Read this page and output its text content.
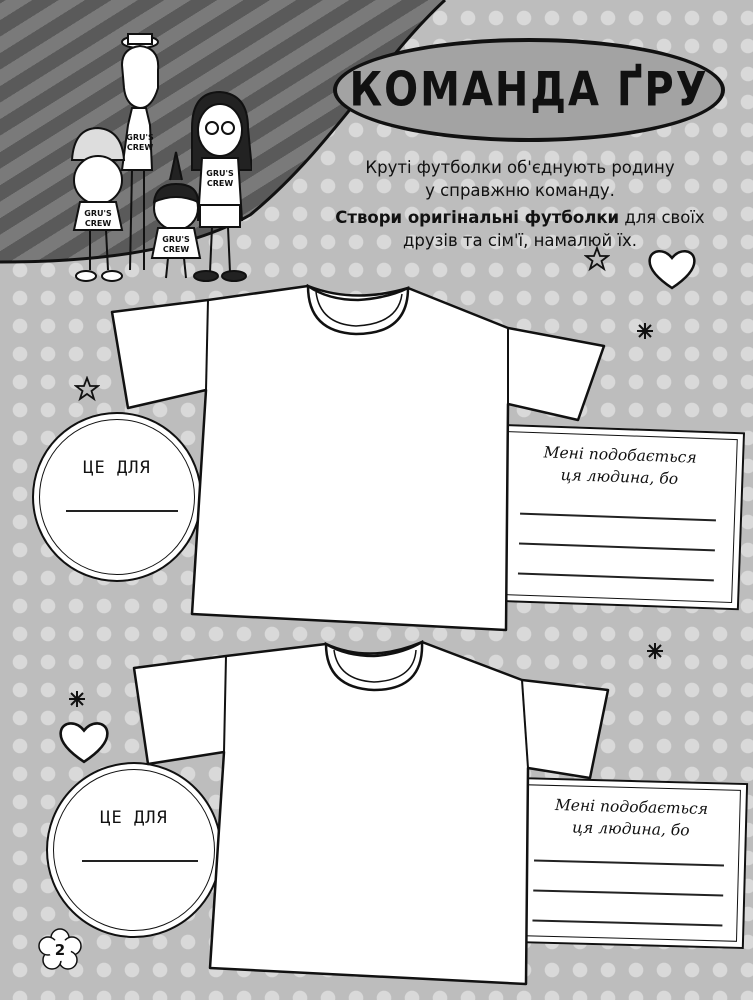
GRU'S
CREW
GRU'S
CREW
GRU'S
CREW
GRU'S
CREW
КОМАНДА ҐРУ
Круті футболки об'єднують родину
у справжню команду.
Створи оригінальні футболки для своїх
друзів та сім'ї, намалюй їх.
ЦЕ ДЛЯ
Мені подобається
ця людина, бо
ЦЕ ДЛЯ	Мені подобається
ця людина, бо
2
